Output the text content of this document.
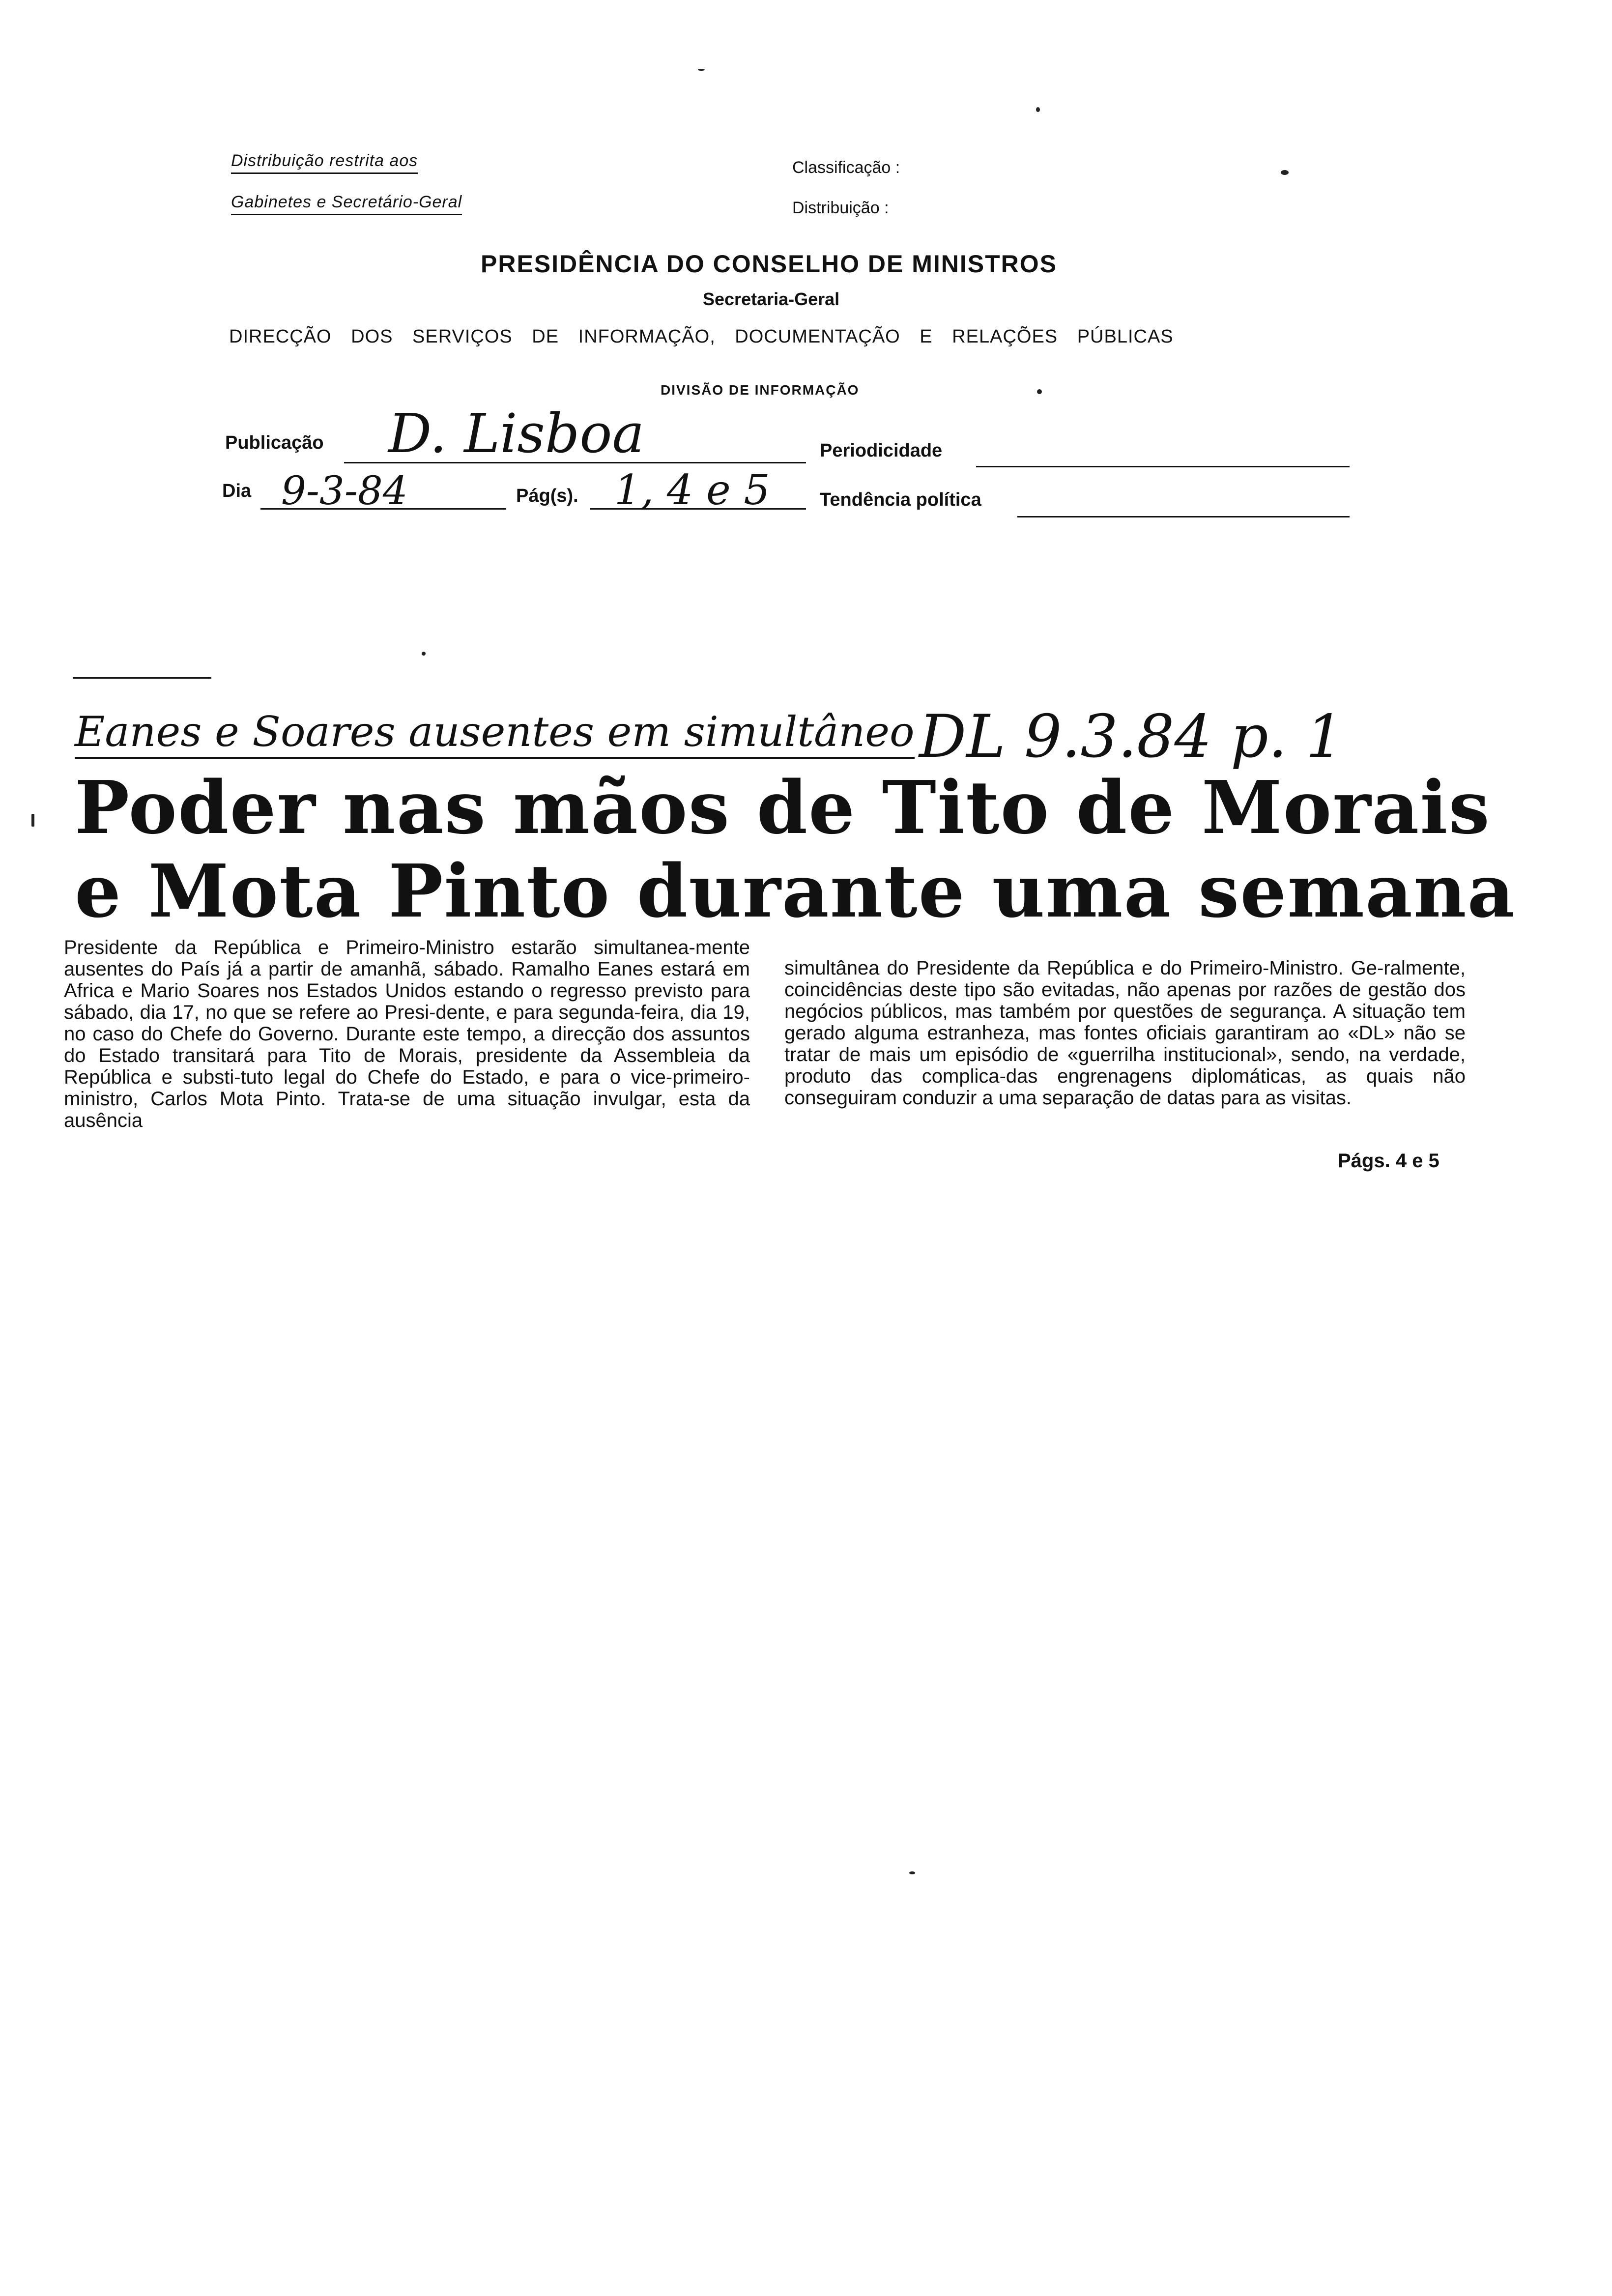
Distribuição restrita aos
Gabinetes e Secretário-Geral
Classificação :
Distribuição :
PRESIDÊNCIA DO CONSELHO DE MINISTROS
Secretaria-Geral
DIRECÇÃO DOS SERVIÇOS DE INFORMAÇÃO, DOCUMENTAÇÃO E RELAÇÕES PÚBLICAS
DIVISÃO DE INFORMAÇÃO
Publicação D. Lisboa	Periodicidade
Dia 9-3-84	Pág(s). 1, 4 e 5	Tendência política
Eanes e Soares ausentes em simultâneo DL 9.3.84 p. 1
Poder nas mãos de Tito de Morais
e Mota Pinto durante uma semana
Presidente da República e Primeiro-Ministro estarão simultanea-mente ausentes do País já a partir de amanhã, sábado. Ramalho Eanes estará em Africa e Mario Soares nos Estados Unidos estando o regresso previsto para sábado, dia 17, no que se refere ao Presi-dente, e para segunda-feira, dia 19, no caso do Chefe do Governo. Durante este tempo, a direcção dos assuntos do Estado transitará para Tito de Morais, presidente da Assembleia da República e substi-tuto legal do Chefe do Estado, e para o vice-primeiro-ministro, Carlos Mota Pinto. Trata-se de uma situação invulgar, esta da ausência
simultânea do Presidente da República e do Primeiro-Ministro. Ge-ralmente, coincidências deste tipo são evitadas, não apenas por razões de gestão dos negócios públicos, mas também por questões de segurança. A situação tem gerado alguma estranheza, mas fontes oficiais garantiram ao «DL» não se tratar de mais um episódio de «guerrilha institucional», sendo, na verdade, produto das complica-das engrenagens diplomáticas, as quais não conseguiram conduzir a uma separação de datas para as visitas.
Págs. 4 e 5
